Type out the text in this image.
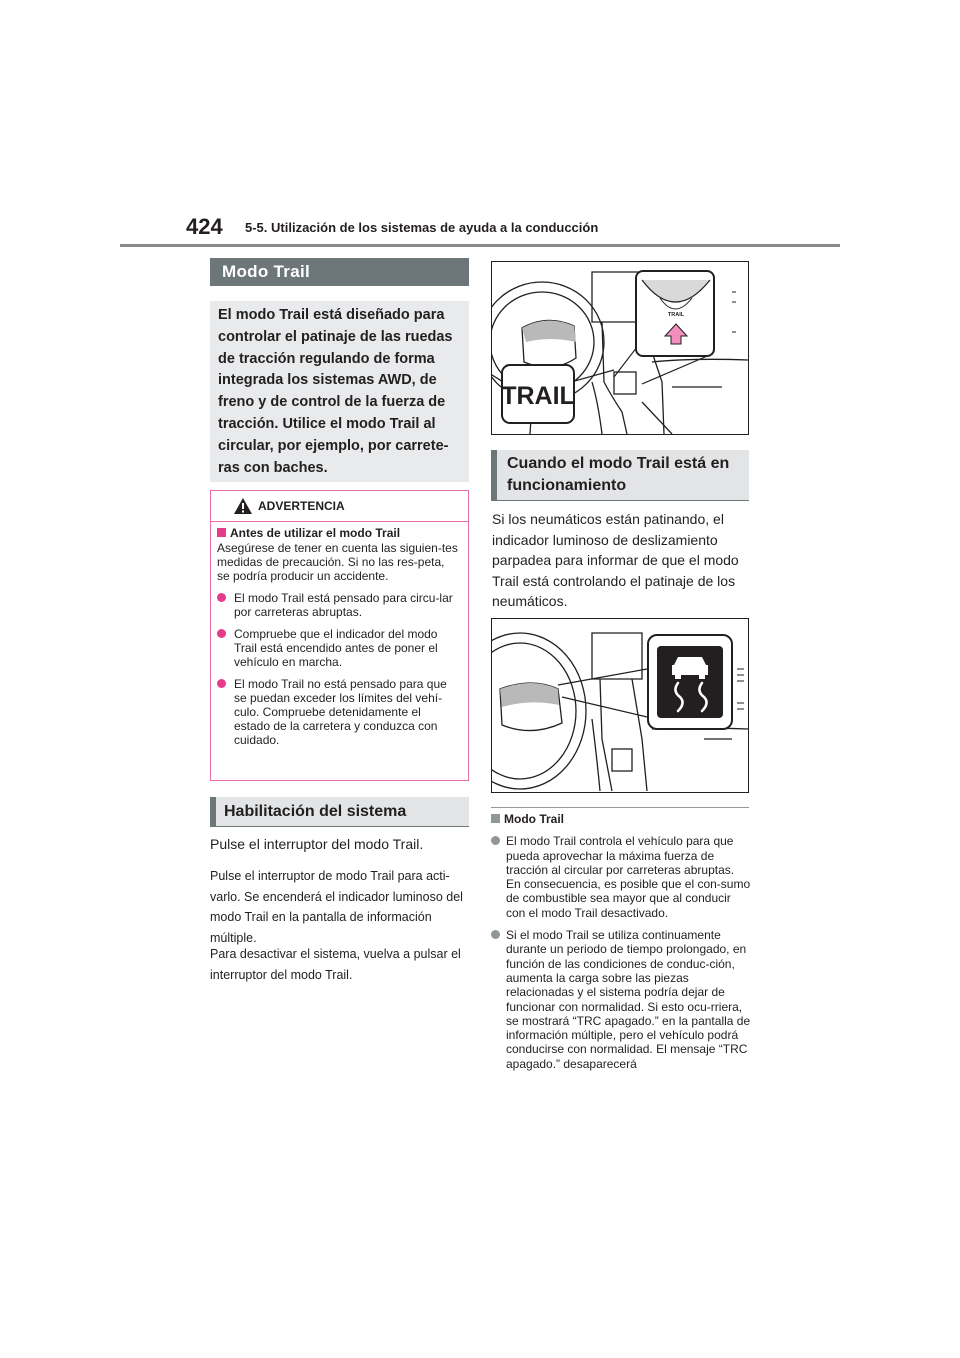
424 5-5. Utilización de los sistemas de ayuda a la conducción
Modo Trail
El modo Trail está diseñado para controlar el patinaje de las ruedas de tracción regulando de forma integrada los sistemas AWD, de freno y de control de la fuerza de tracción. Utilice el modo Trail al circular, por ejemplo, por carrete-ras con baches.
ADVERTENCIA
Antes de utilizar el modo Trail
Asegúrese de tener en cuenta las siguien-tes medidas de precaución. Si no las res-peta, se podría producir un accidente.
El modo Trail está pensado para circu-lar por carreteras abruptas.
Compruebe que el indicador del modo Trail está encendido antes de poner el vehículo en marcha.
El modo Trail no está pensado para que se puedan exceder los límites del vehí-culo. Compruebe detenidamente el estado de la carretera y conduzca con cuidado.
Habilitación del sistema
Pulse el interruptor del modo Trail.
Pulse el interruptor de modo Trail para acti-varlo. Se encenderá el indicador luminoso del modo Trail en la pantalla de información múltiple.
Para desactivar el sistema, vuelva a pulsar el interruptor del modo Trail.
TRAIL
TRAIL
Cuando el modo Trail está en funcionamiento
Si los neumáticos están patinando, el indicador luminoso de deslizamiento parpadea para informar de que el modo Trail está controlando el patinaje de los neumáticos.
Modo Trail
El modo Trail controla el vehículo para que pueda aprovechar la máxima fuerza de tracción al circular por carreteras abruptas. En consecuencia, es posible que el con-sumo de combustible sea mayor que al conducir con el modo Trail desactivado.
Si el modo Trail se utiliza continuamente durante un periodo de tiempo prolongado, en función de las condiciones de conduc-ción, aumenta la carga sobre las piezas relacionadas y el sistema podría dejar de funcionar con normalidad. Si esto ocu-rriera, se mostrará “TRC apagado.” en la pantalla de información múltiple, pero el vehículo podrá conducirse con normalidad. El mensaje “TRC apagado.” desaparecerá
